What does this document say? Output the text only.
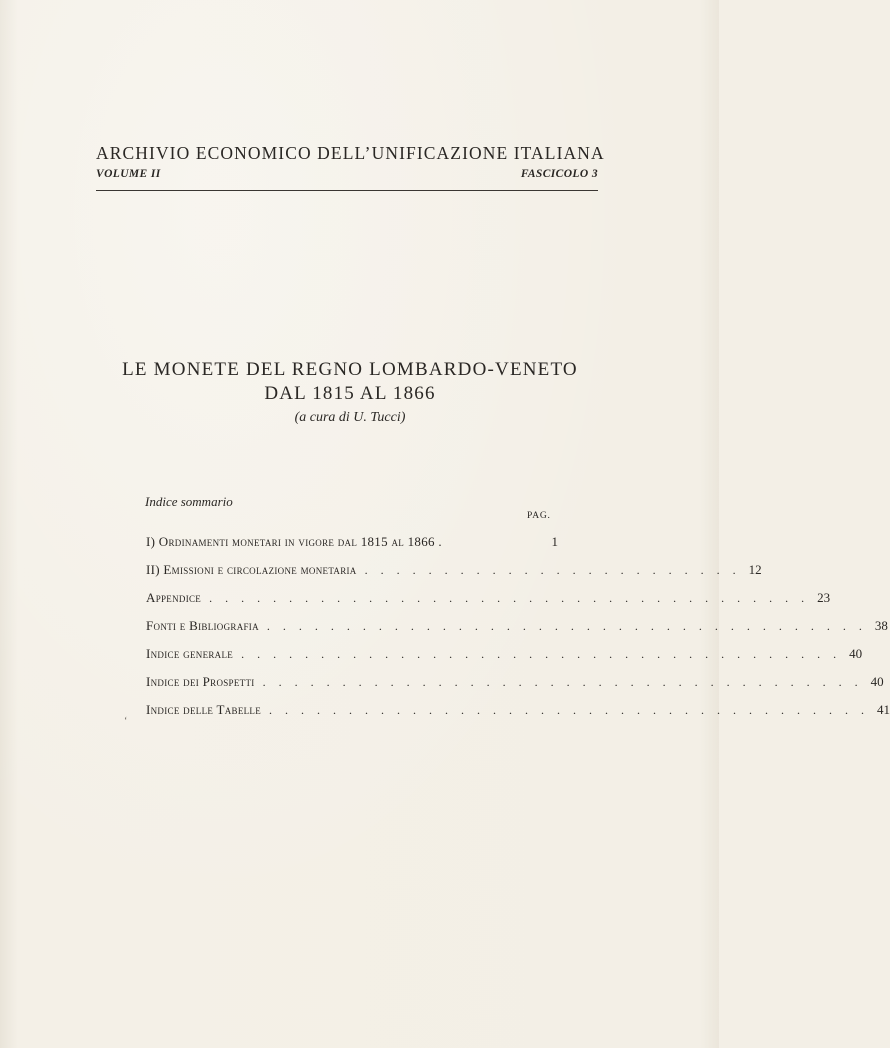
ARCHIVIO ECONOMICO DELL’UNIFICAZIONE ITALIANA
VOLUME II	FASCICOLO 3
LE MONETE DEL REGNO LOMBARDO-VENETO
DAL 1815 AL 1866
(a cura di U. Tucci)
Indice sommario
PAG.
I) Ordinamenti monetari in vigore dal 1815 al 1866 .	1
II) Emissioni e circolazione monetaria . . . . . . . . . . . . . . . . . . . . . . . . 12
Appendice . . . . . . . . . . . . . . . . . . . . . . . . . . . . . . . . . . . . . . 23
Fonti e Bibliografia . . . . . . . . . . . . . . . . . . . . . . . . . . . . . . . . . . . . . . 38
Indice generale . . . . . . . . . . . . . . . . . . . . . . . . . . . . . . . . . . . . . . 40
Indice dei Prospetti . . . . . . . . . . . . . . . . . . . . . . . . . . . . . . . . . . . . . . 40
Indice delle Tabelle . . . . . . . . . . . . . . . . . . . . . . . . . . . . . . . . . . . . . . 41
ʻ
